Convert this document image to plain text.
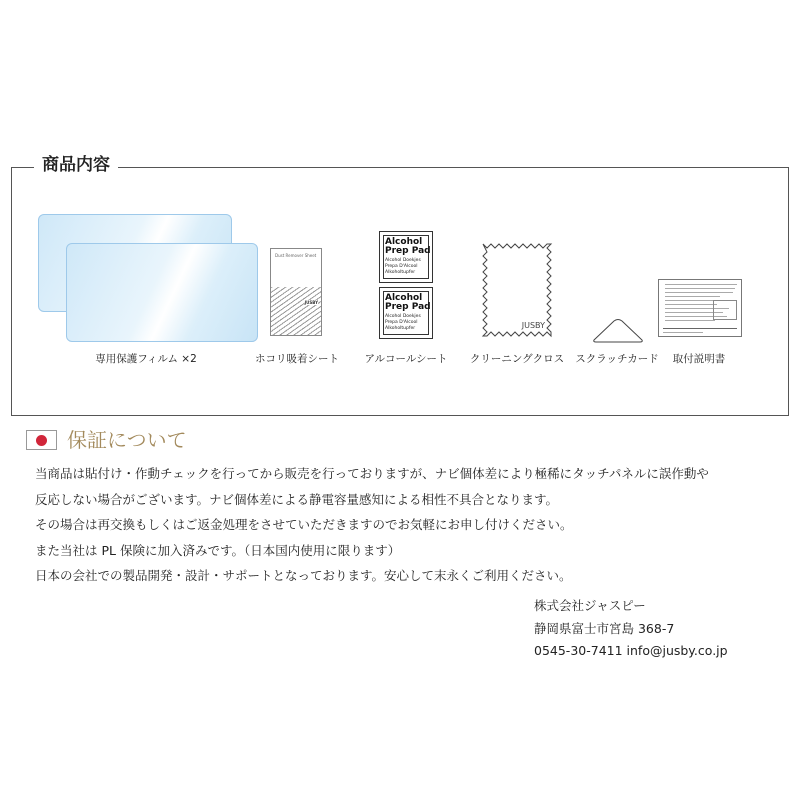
商品内容
専用保護フィルム ×2
Dust Remover Sheet
JUSBY
ホコリ吸着シート
Alcohol
Prep Pad
Alcohol Doekjes
Prepa D'Alcool
Alkoholtupfer
Alcohol
Prep Pad
Alcohol Doekjes
Prepa D'Alcool
Alkoholtupfer
アルコールシート
JUSBY
クリーニングクロス スクラッチカード 取付説明書
保証について
当商品は貼付け・作動チェックを行ってから販売を行っておりますが、ナビ個体差により極稀にタッチパネルに誤作動や
反応しない場合がございます。ナビ個体差による静電容量感知による相性不具合となります。
その場合は再交換もしくはご返金処理をさせていただきますのでお気軽にお申し付けください。
また当社は PL 保険に加入済みです。（日本国内使用に限ります）
日本の会社での製品開発・設計・サポートとなっております。安心して末永くご利用ください。
株式会社ジャスピー
静岡県富士市宮島 368-7
0545-30-7411 info@jusby.co.jp
